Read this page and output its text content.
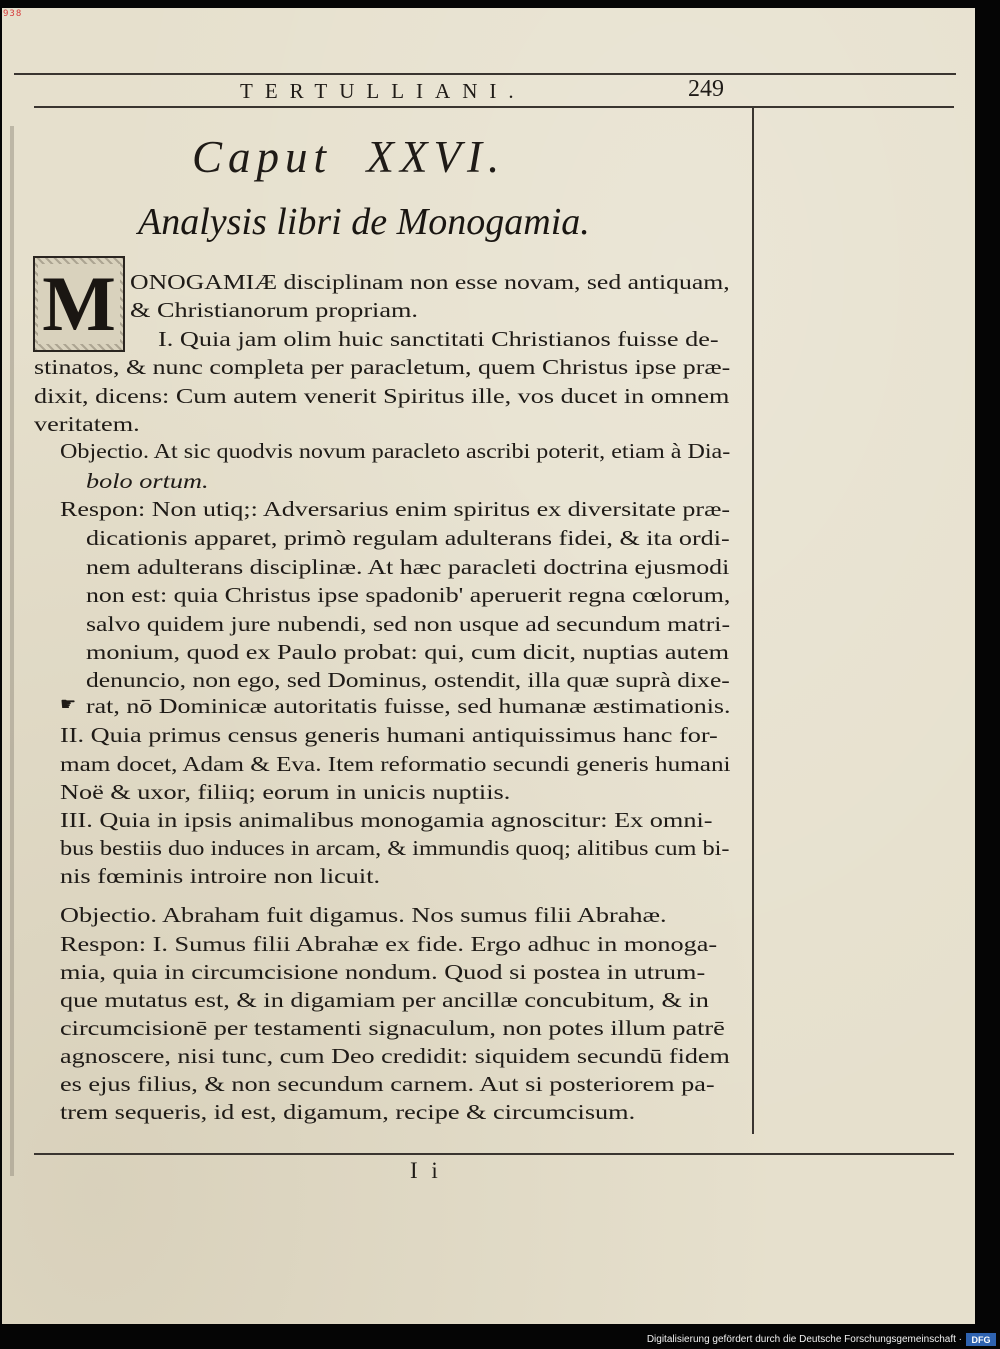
938
TERTULLIANI.	249
Caput XXVI.
Analysis libri de Monogamia.
M
☛
ONOGAMIÆ disciplinam non esse novam, sed antiquam,
& Christianorum propriam.
I. Quia jam olim huic sanctitati Christianos fuisse de-
stinatos, & nunc completa per paracletum, quem Christus ipse præ-
dixit, dicens: Cum autem venerit Spiritus ille, vos ducet in omnem
veritatem.
Objectio. At sic quodvis novum paracleto ascribi poterit, etiam à Dia-
bolo ortum.
Respon: Non utiq;: Adversarius enim spiritus ex diversitate præ-
dicationis apparet, primò regulam adulterans fidei, & ita ordi-
nem adulterans disciplinæ. At hæc paracleti doctrina ejusmodi
non est: quia Christus ipse spadonib' aperuerit regna cœlorum,
salvo quidem jure nubendi, sed non usque ad secundum matri-
monium, quod ex Paulo probat: qui, cum dicit, nuptias autem
denuncio, non ego, sed Dominus, ostendit, illa quæ suprà dixe-
rat, nō Dominicæ autoritatis fuisse, sed humanæ æstimationis.
II. Quia primus census generis humani antiquissimus hanc for-
mam docet, Adam & Eva. Item reformatio secundi generis humani
Noë & uxor, filiiq; eorum in unicis nuptiis.
III. Quia in ipsis animalibus monogamia agnoscitur: Ex omni-
bus bestiis duo induces in arcam, & immundis quoq; alitibus cum bi-
nis fœminis introire non licuit.
Objectio. Abraham fuit digamus. Nos sumus filii Abrahæ.
Respon: I. Sumus filii Abrahæ ex fide. Ergo adhuc in monoga-
mia, quia in circumcisione nondum. Quod si postea in utrum-
que mutatus est, & in digamiam per ancillæ concubitum, & in
circumcisionē per testamenti signaculum, non potes illum patrē
agnoscere, nisi tunc, cum Deo credidit: siquidem secundū fidem
es ejus filius, & non secundum carnem. Aut si posteriorem pa-
trem sequeris, id est, digamum, recipe & circumcisum.
I i
Digitalisierung gefördert durch die Deutsche Forschungsgemeinschaft ·	DFG
